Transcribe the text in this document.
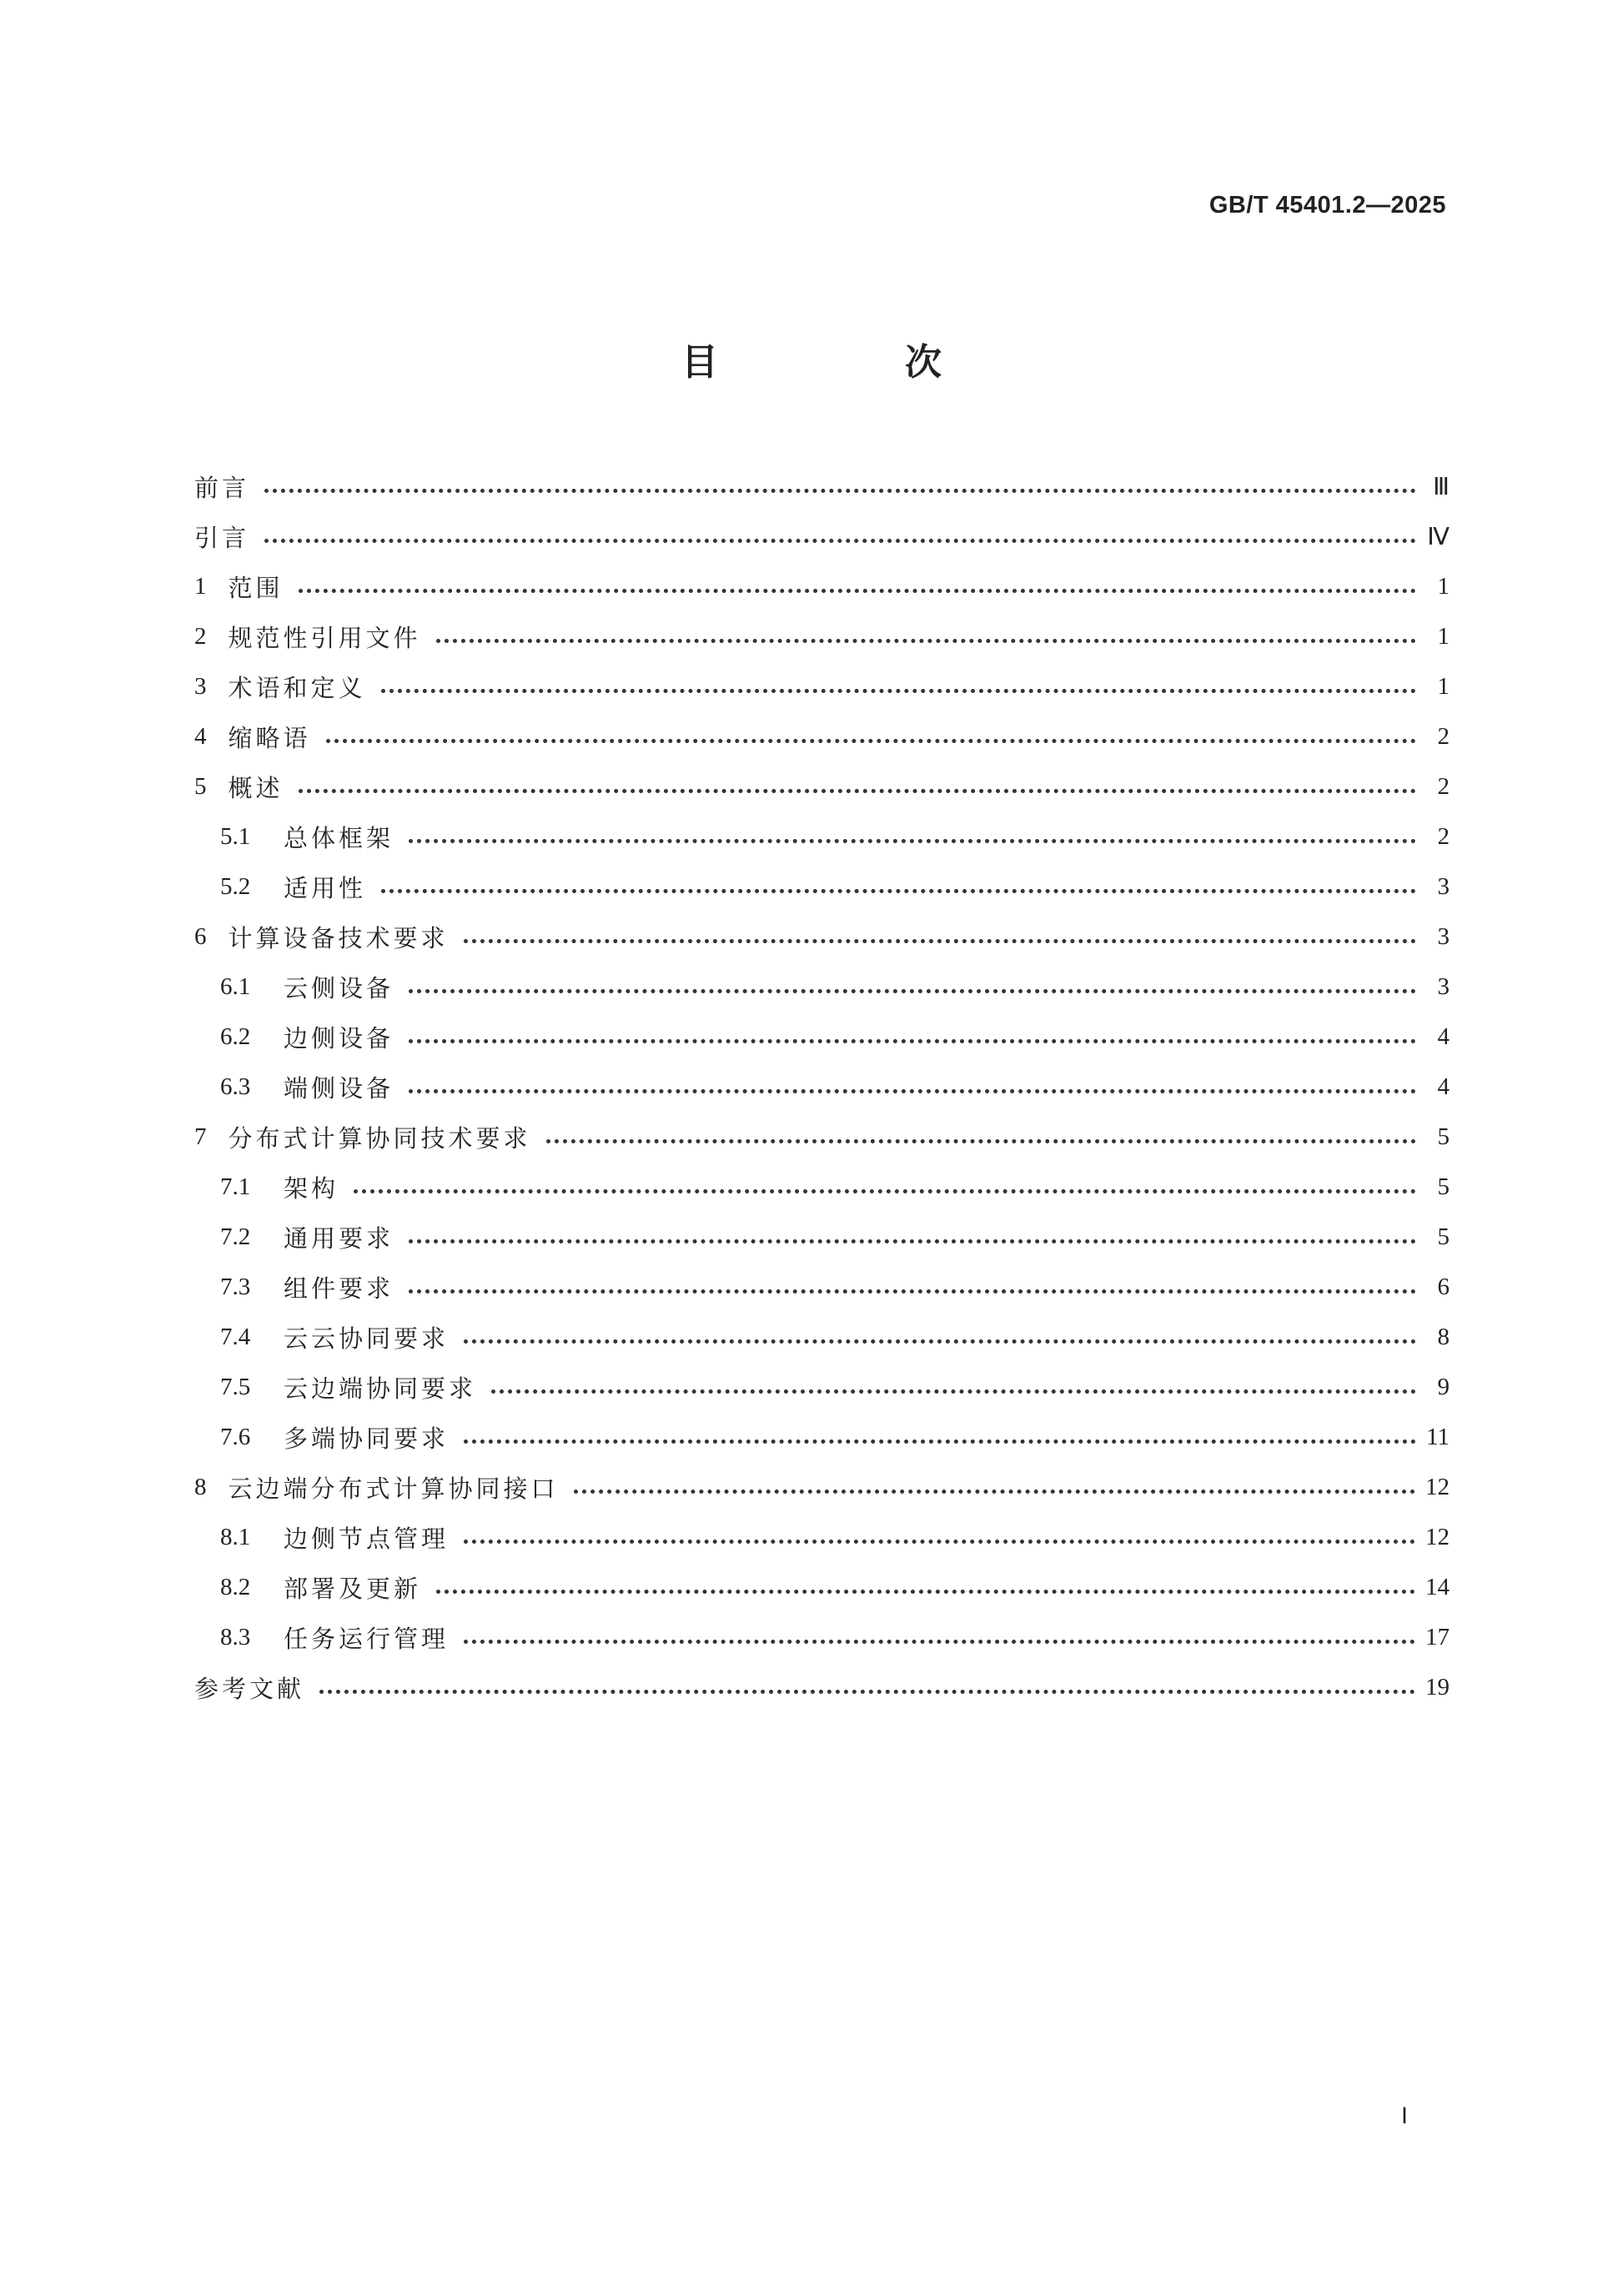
GB/T 45401.2—2025
目　次
前言	Ⅲ
引言	Ⅳ
1 范围	1
2 规范性引用文件	1
3 术语和定义	1
4 缩略语	2
5 概述	2
5.1	总体框架	2
5.2	适用性	3
6 计算设备技术要求	3
6.1	云侧设备	3
6.2	边侧设备	4
6.3	端侧设备	4
7 分布式计算协同技术要求	5
7.1	架构	5
7.2	通用要求	5
7.3	组件要求	6
7.4	云云协同要求	8
7.5	云边端协同要求	9
7.6	多端协同要求	11
8 云边端分布式计算协同接口	12
8.1	边侧节点管理	12
8.2	部署及更新	14
8.3	任务运行管理	17
参考文献	19
Ⅰ
